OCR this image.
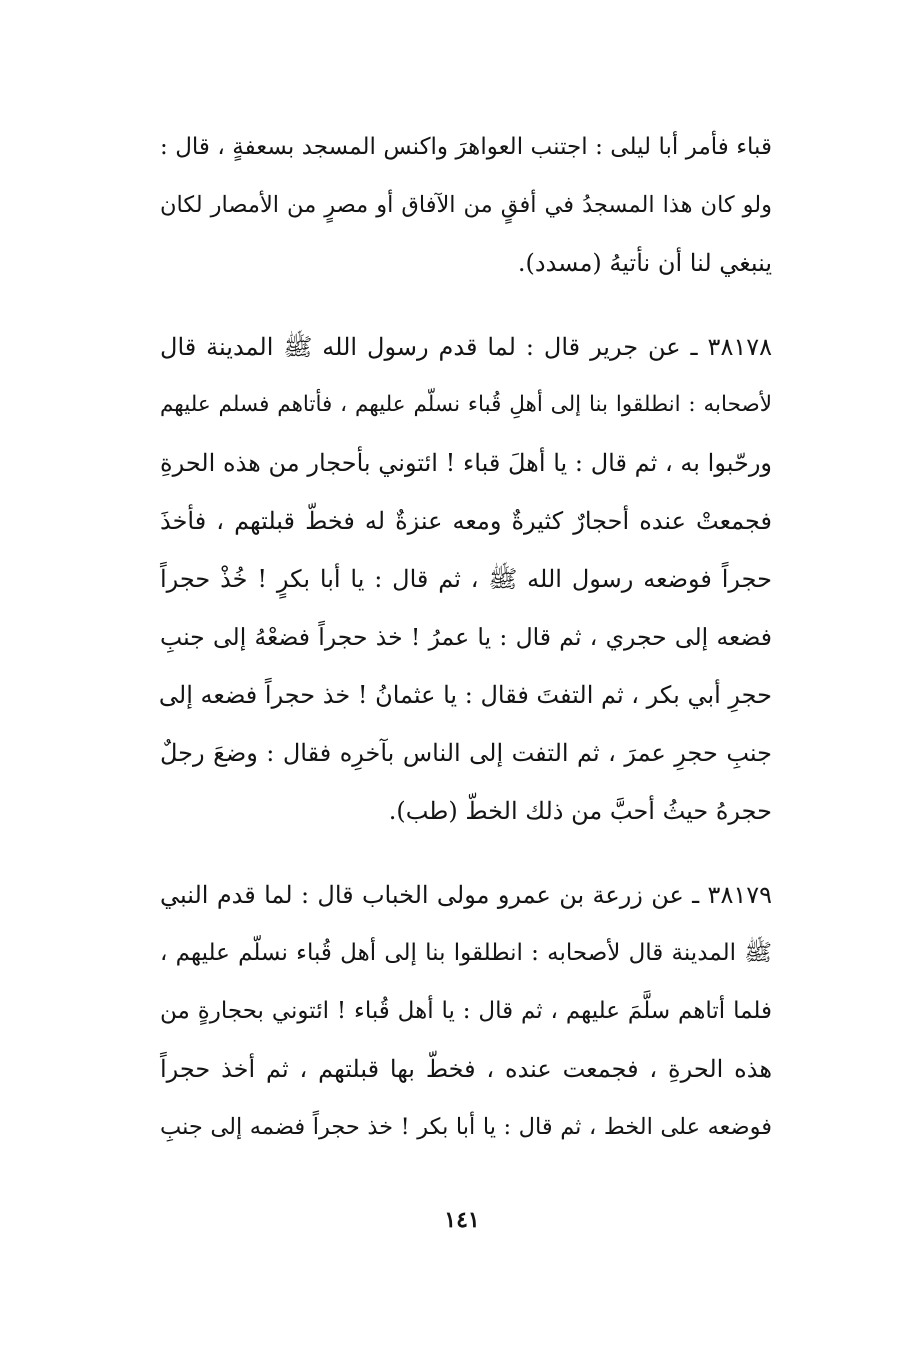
قباء فأمر أبا ليلى : اجتنب العواهرَ واكنس المسجد بسعفةٍ ، قال :
ولو كان هذا المسجدُ في أفقٍ من الآفاق أو مصرٍ من الأمصار لكان
ينبغي لنا أن نأتيهُ (مسدد).
٣٨١٧٨ ـ عن جرير قال : لما قدم رسول الله ﷺ المدينة قال
لأصحابه : انطلقوا بنا إلى أهلِ قُباء نسلّم عليهم ، فأتاهم فسلم عليهم
ورحّبوا به ، ثم قال : يا أهلَ قباء ! ائتوني بأحجار من هذه الحرةِ
فجمعتْ عنده أحجارٌ كثيرةٌ ومعه عنزةٌ له فخطّ قبلتهم ، فأخذَ
حجراً فوضعه رسول الله ﷺ ، ثم قال : يا أبا بكرٍ ! خُذْ حجراً
فضعه إلى حجري ، ثم قال : يا عمرُ ! خذ حجراً فضعْهُ إلى جنبِ
حجرِ أبي بكر ، ثم التفتَ فقال : يا عثمانُ ! خذ حجراً فضعه إلى
جنبِ حجرِ عمرَ ، ثم التفت إلى الناس بآخرِه فقال : وضعَ رجلٌ
حجرهُ حيثُ أحبَّ من ذلك الخطّ (طب).
٣٨١٧٩ ـ عن زرعة بن عمرو مولى الخباب قال : لما قدم النبي
ﷺ المدينة قال لأصحابه : انطلقوا بنا إلى أهل قُباء نسلّم عليهم ،
فلما أتاهم سلَّمَ عليهم ، ثم قال : يا أهل قُباء ! ائتوني بحجارةٍ من
هذه الحرةِ ، فجمعت عنده ، فخطّ بها قبلتهم ، ثم أخذ حجراً
فوضعه على الخط ، ثم قال : يا أبا بكر ! خذ حجراً فضمه إلى جنبِ
١٤١
